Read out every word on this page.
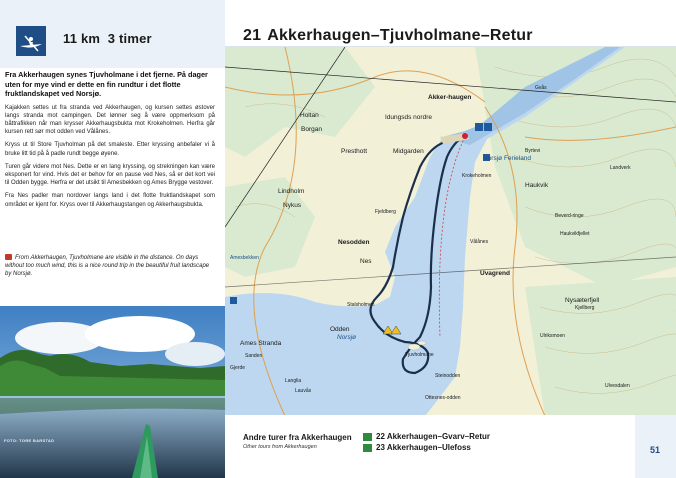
11 km 3 timer	21 Akkerhaugen–Tjuvholmane–Retur

Fra Akkerhaugen synes Tjuvholmane i det fjerne. På dager uten for mye vind er dette en fin rundtur i det flotte fruktlandskapet ved Norsjø.

Kajakken settes ut fra stranda ved Akkerhaugen, og kursen settes østover langs stranda mot campingen. Det lønner seg å være oppmerksom på båttrafikken når man krysser Akkerhaugsbukta mot Krokeholmen. Herfra går kursen rett sør mot odden ved Vålånes.

Kryss ut til Store Tjuvholman på det smaleste. Etter kryssing anbefaler vi å bruke litt tid på å padle rundt begge øyene.

Turen går videre mot Nes. Dette er en lang kryssing, og strekningen kan være eksponert for vind. Hvis det er behov for en pause ved Nes, så er det kort vei til Odden bygge. Herfra er det utsikt til Amesbekken og Ames Brygge vestover.

Fra Nes padler man nordover langs land i det flotte fruktlandskapet som området er kjent for. Kryss over til Akkerhaugstangen og Akkerhaugsbukta.

From Akkerhaugen, Tjuvholmane are visible in the distance. On days without too much wind, this is a nice round trip in the beautiful fruit landscape by Norsjø.
FOTO: TORE BARSTAD
Akker-haugen
Idungsds nordre
Holtan
Borgan
Presthott	Midgarden
Norsjø Ferieland
Krokeholmen
Lindholm
Nykus
Fjeldberg
Nesodden
Nes
Odden
Stalsholmen
Tjuvholmane
Norsjø
Ames Stranda
Gjerde
Vålånes
Uvagrend
Nysæterfjell
Haukvik
Landverk
Byrtevi
Gvås
Kjellberg
Ulriksmoen
Steinodden
Ottesnes-odden
Lauvås
Amesbekken
Beverd-ringe
Haukvikfjellet
Ulvesdalen
Langlia
Sanden
Andre turer fra Akkerhaugen
Other tours from Akkerhaugen
22 Akkerhaugen–Gvarv–Retur
23 Akkerhaugen–Ulefoss	51
